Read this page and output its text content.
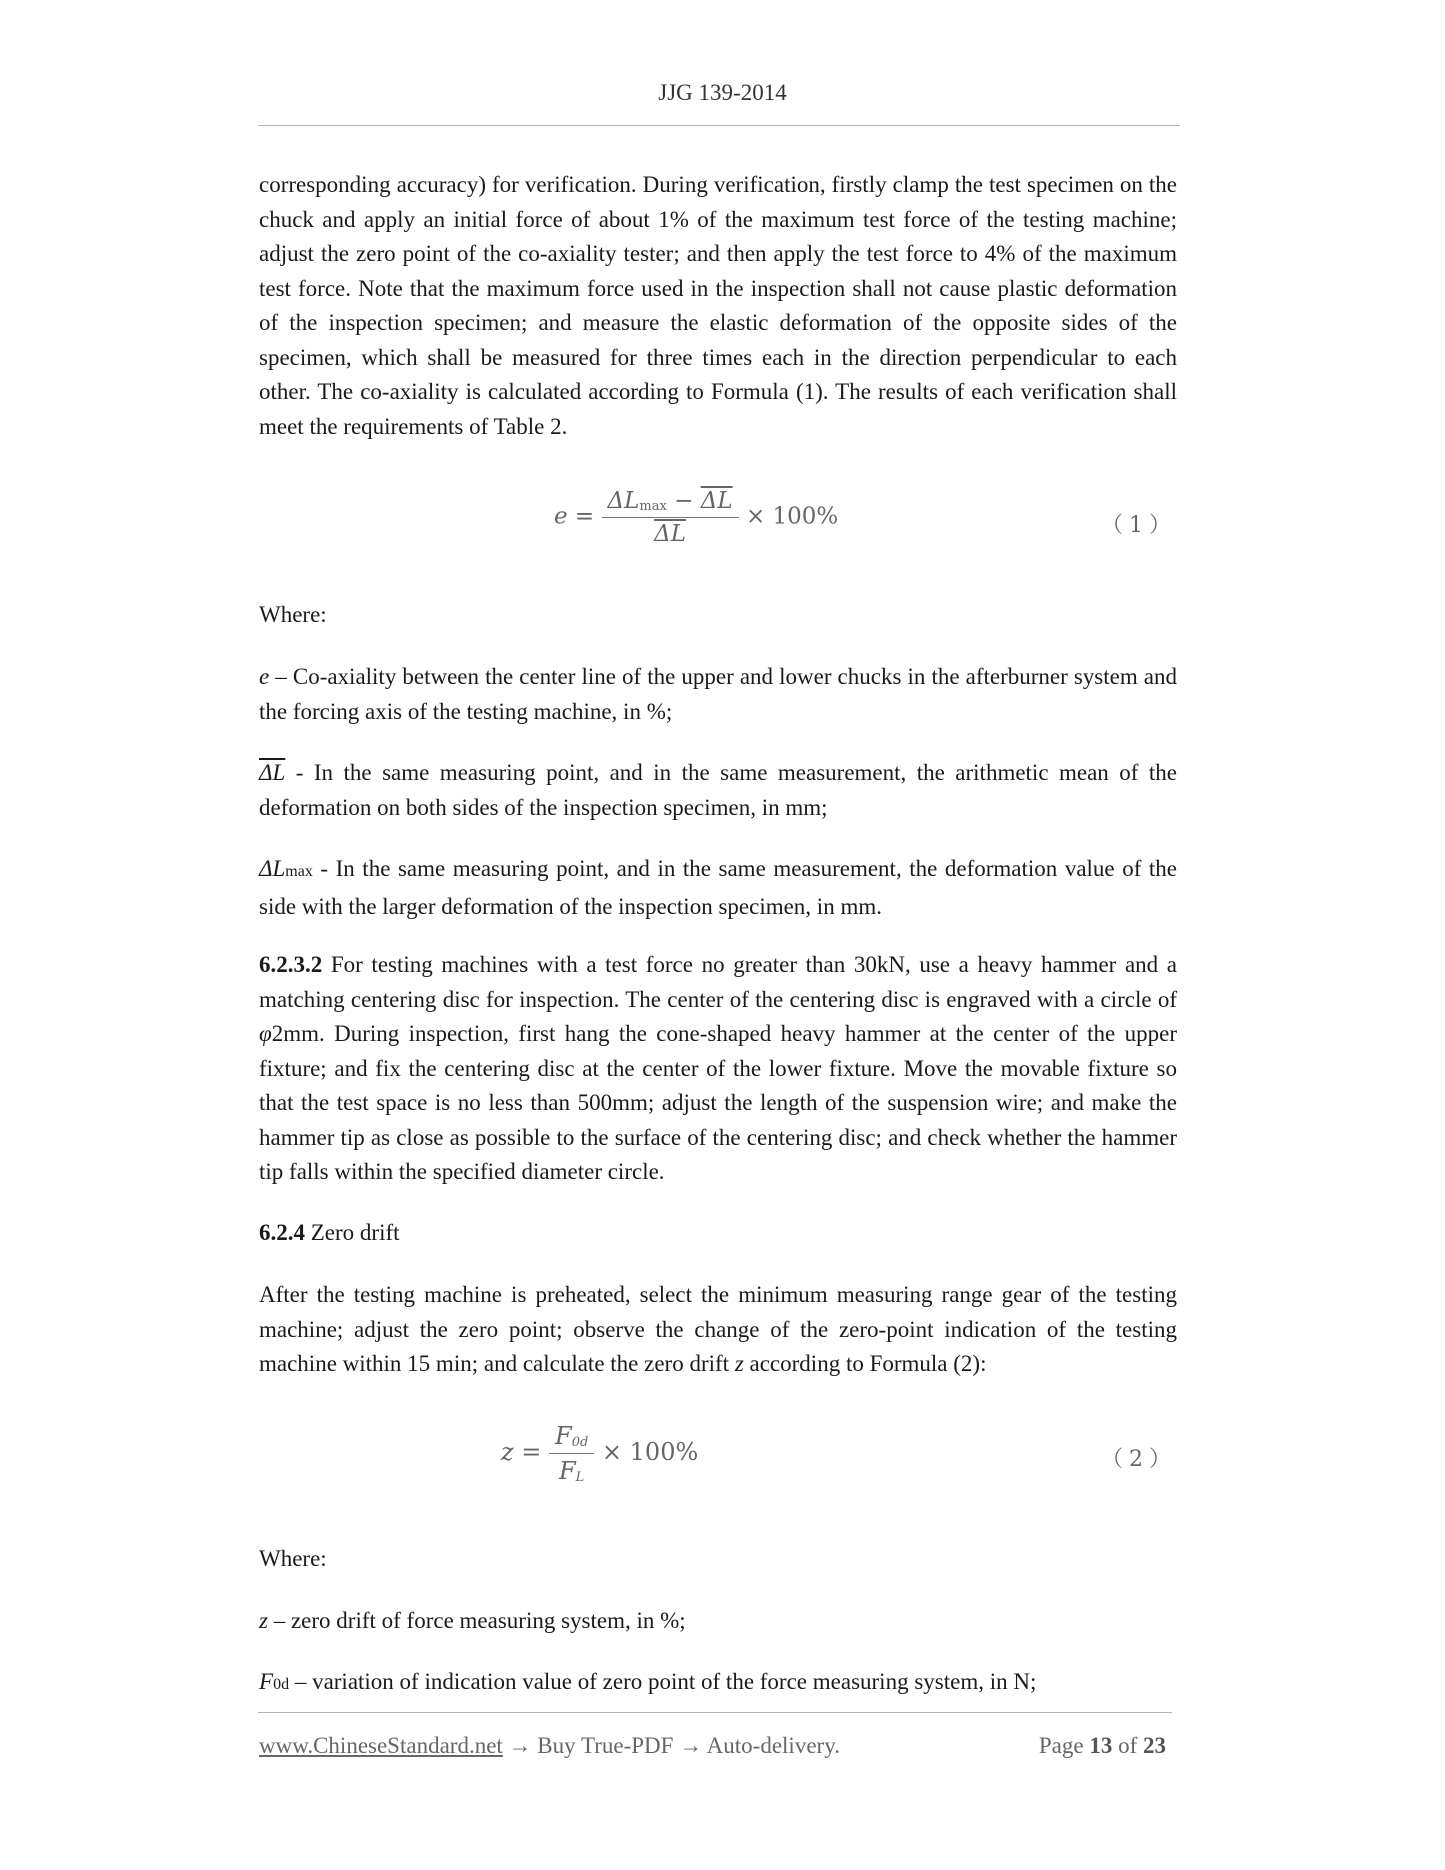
JJG 139-2014

corresponding accuracy) for verification. During verification, firstly clamp the test specimen on the chuck and apply an initial force of about 1% of the maximum test force of the testing machine; adjust the zero point of the co-axiality tester; and then apply the test force to 4% of the maximum test force. Note that the maximum force used in the inspection shall not cause plastic deformation of the inspection specimen; and measure the elastic deformation of the opposite sides of the specimen, which shall be measured for three times each in the direction perpendicular to each other. The co-axiality is calculated according to Formula (1). The results of each verification shall meet the requirements of Table 2.

$e = \frac{\Delta Lmax - \overline{\Delta L}}{\Delta L} \times 100\%$	（1）

Where:

e – Co-axiality between the center line of the upper and lower chucks in the afterburner system and the forcing axis of the testing machine, in %;

$\overline{\Delta L}$ - In the same measuring point, and in the same measurement, the arithmetic mean of the deformation on both sides of the inspection specimen, in mm;

ΔLmax - In the same measuring point, and in the same measurement, the deformation value of the side with the larger deformation of the inspection specimen, in mm.

6.2.3.2 For testing machines with a test force no greater than 30kN, use a heavy hammer and a matching centering disc for inspection. The center of the centering disc is engraved with a circle of φ2mm. During inspection, first hang the cone-shaped heavy hammer at the center of the upper fixture; and fix the centering disc at the center of the lower fixture. Move the movable fixture so that the test space is no less than 500mm; adjust the length of the suspension wire; and make the hammer tip as close as possible to the surface of the centering disc; and check whether the hammer tip falls within the specified diameter circle.

6.2.4 Zero drift

After the testing machine is preheated, select the minimum measuring range gear of the testing machine; adjust the zero point; observe the change of the zero-point indication of the testing machine within 15 min; and calculate the zero drift z according to Formula (2):

$z = \frac{F0d}{FL} \times 100\%$	（2）

Where:

z – zero drift of force measuring system, in %;

F0d – variation of indication value of zero point of the force measuring system, in N;

www.ChineseStandard.net → Buy True-PDF → Auto-delivery.	Page 13 of 23
